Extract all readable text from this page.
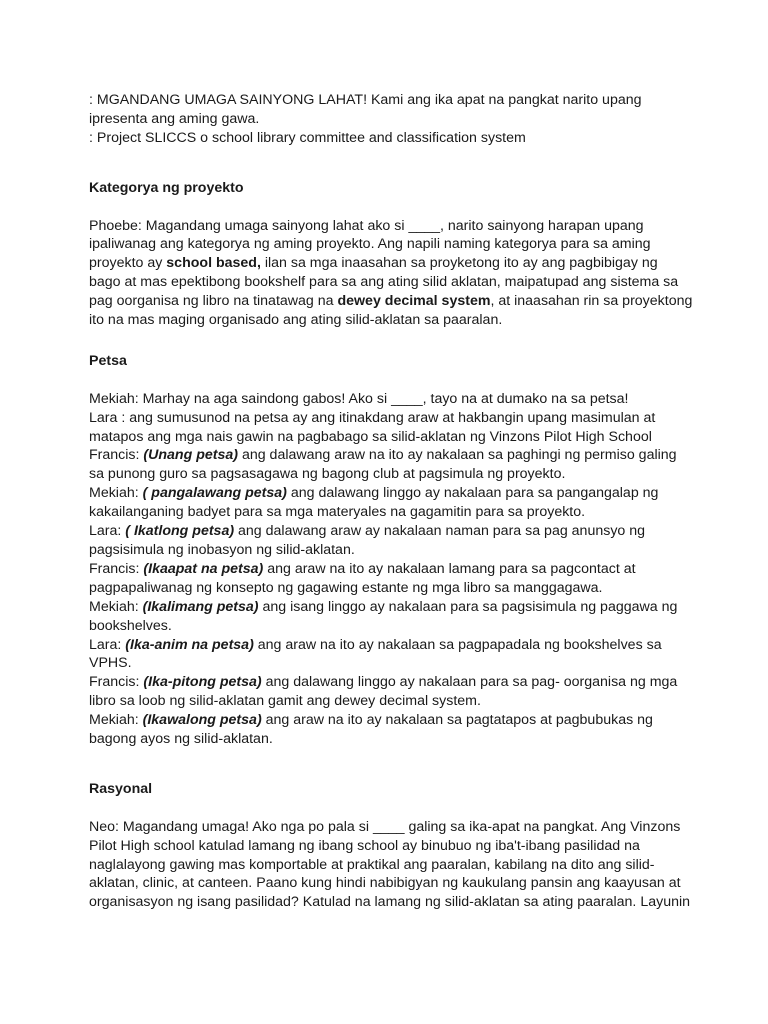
: MGANDANG UMAGA SAINYONG LAHAT! Kami ang ika apat na pangkat narito upang

ipresenta ang aming gawa.

: Project SLICCS o school library committee and classification system

Kategorya ng proyekto

Phoebe: Magandang umaga sainyong lahat ako si ____, narito sainyong harapan upang

ipaliwanag ang kategorya ng aming proyekto. Ang napili naming kategorya para sa aming

proyekto ay school based, ilan sa mga inaasahan sa proyketong ito ay ang pagbibigay ng

bago at mas epektibong bookshelf para sa ang ating silid aklatan, maipatupad ang sistema sa

pag oorganisa ng libro na tinatawag na dewey decimal system, at inaasahan rin sa proyektong

ito na mas maging organisado ang ating silid-aklatan sa paaralan.

Petsa

Mekiah: Marhay na aga saindong gabos! Ako si ____, tayo na at dumako na sa petsa!

Lara : ang sumusunod na petsa ay ang itinakdang araw at hakbangin upang masimulan at

matapos ang mga nais gawin na pagbabago sa silid-aklatan ng Vinzons Pilot High School

Francis: (Unang petsa) ang dalawang araw na ito ay nakalaan sa paghingi ng permiso galing

sa punong guro sa pagsasagawa ng bagong club at pagsimula ng proyekto.

Mekiah: ( pangalawang petsa) ang dalawang linggo ay nakalaan para sa pangangalap ng

kakailanganing badyet para sa mga materyales na gagamitin para sa proyekto.

Lara: ( Ikatlong petsa) ang dalawang araw ay nakalaan naman para sa pag anunsyo ng

pagsisimula ng inobasyon ng silid-aklatan.

Francis: (Ikaapat na petsa) ang araw na ito ay nakalaan lamang para sa pagcontact at

pagpapaliwanag ng konsepto ng gagawing estante ng mga libro sa manggagawa.

Mekiah: (Ikalimang petsa) ang isang linggo ay nakalaan para sa pagsisimula ng paggawa ng

bookshelves.

Lara: (Ika-anim na petsa) ang araw na ito ay nakalaan sa pagpapadala ng bookshelves sa

VPHS.

Francis: (Ika-pitong petsa) ang dalawang linggo ay nakalaan para sa pag- oorganisa ng mga

libro sa loob ng silid-aklatan gamit ang dewey decimal system.

Mekiah: (Ikawalong petsa) ang araw na ito ay nakalaan sa pagtatapos at pagbubukas ng

bagong ayos ng silid-aklatan.

Rasyonal

Neo: Magandang umaga! Ako nga po pala si ____ galing sa ika-apat na pangkat. Ang Vinzons

Pilot High school katulad lamang ng ibang school ay binubuo ng iba't-ibang pasilidad na

naglalayong gawing mas komportable at praktikal ang paaralan, kabilang na dito ang silid-

aklatan, clinic, at canteen. Paano kung hindi nabibigyan ng kaukulang pansin ang kaayusan at

organisasyon ng isang pasilidad? Katulad na lamang ng silid-aklatan sa ating paaralan. Layunin
